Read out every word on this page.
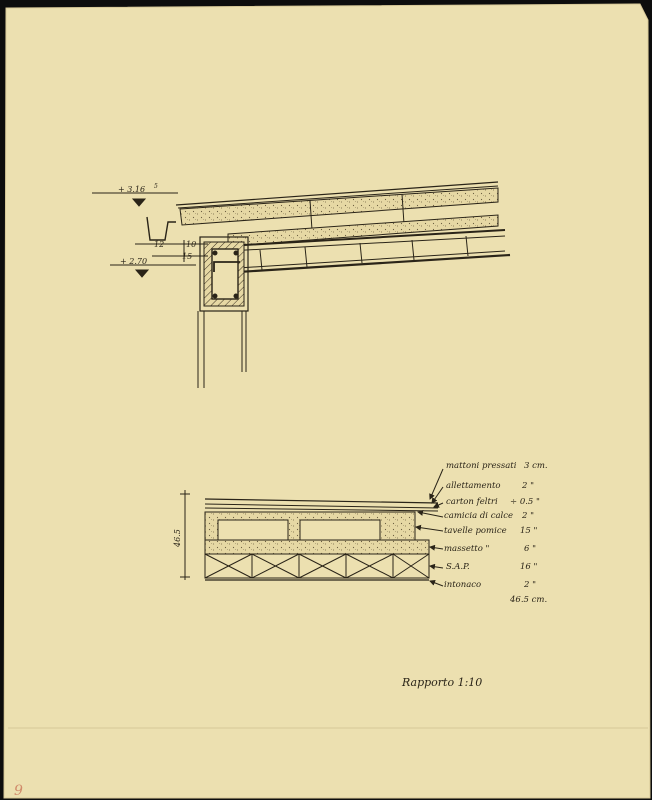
+ 3.16 5
12	10
15
+ 2.70
46.5
mattoni pressati 3 cm.
allettamento	2 "
carton feltri ÷ 0.5 "
camicia di calce 2 "
tavelle pomice 15 "
massetto "	6 "
S.A.P.	16 "
intonaco	2 "
46.5 cm.
Rapporto 1:10
9
